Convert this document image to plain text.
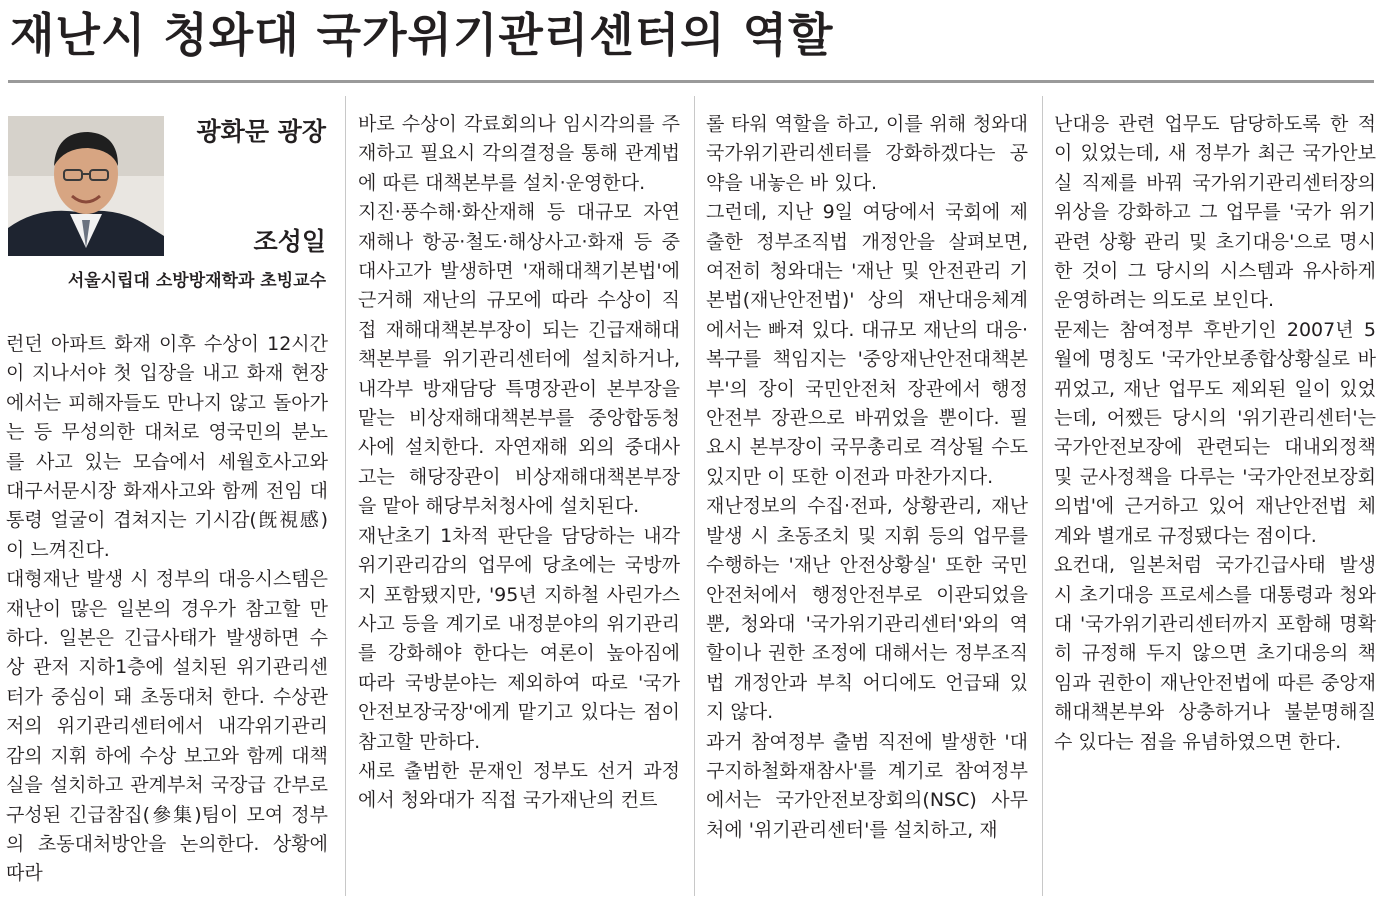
재난시 청와대 국가위기관리센터의 역할

광화문 광장

조성일

서울시립대 소방방재학과 초빙교수

런던 아파트 화재 이후 수상이 12시간이 지나서야 첫 입장을 내고 화재 현장에서는 피해자들도 만나지 않고 돌아가는 등 무성의한 대처로 영국민의 분노를 사고 있는 모습에서 세월호사고와 대구서문시장 화재사고와 함께 전임 대통령 얼굴이 겹쳐지는 기시감(旣視感)이 느껴진다.
대형재난 발생 시 정부의 대응시스템은 재난이 많은 일본의 경우가 참고할 만하다. 일본은 긴급사태가 발생하면 수상 관저 지하1층에 설치된 위기관리센터가 중심이 돼 초동대처 한다. 수상관저의 위기관리센터에서 내각위기관리감의 지휘 하에 수상 보고와 함께 대책실을 설치하고 관계부처 국장급 간부로 구성된 긴급참집(參集)팀이 모여 정부의 초동대처방안을 논의한다. 상황에 따라

바로 수상이 각료회의나 임시각의를 주재하고 필요시 각의결정을 통해 관계법에 따른 대책본부를 설치·운영한다.
지진·풍수해·화산재해 등 대규모 자연재해나 항공·철도·해상사고·화재 등 중대사고가 발생하면 '재해대책기본법'에 근거해 재난의 규모에 따라 수상이 직접 재해대책본부장이 되는 긴급재해대책본부를 위기관리센터에 설치하거나, 내각부 방재담당 특명장관이 본부장을 맡는 비상재해대책본부를 중앙합동청사에 설치한다. 자연재해 외의 중대사고는 해당장관이 비상재해대책본부장을 맡아 해당부처청사에 설치된다.
재난초기 1차적 판단을 담당하는 내각위기관리감의 업무에 당초에는 국방까지 포함됐지만, '95년 지하철 사린가스 사고 등을 계기로 내정분야의 위기관리를 강화해야 한다는 여론이 높아짐에 따라 국방분야는 제외하여 따로 '국가안전보장국장'에게 맡기고 있다는 점이 참고할 만하다.
새로 출범한 문재인 정부도 선거 과정에서 청와대가 직접 국가재난의 컨트

롤 타워 역할을 하고, 이를 위해 청와대 국가위기관리센터를 강화하겠다는 공약을 내놓은 바 있다.
그런데, 지난 9일 여당에서 국회에 제출한 정부조직법 개정안을 살펴보면, 여전히 청와대는 '재난 및 안전관리 기본법(재난안전법)' 상의 재난대응체계에서는 빠져 있다. 대규모 재난의 대응·복구를 책임지는 '중앙재난안전대책본부'의 장이 국민안전처 장관에서 행정안전부 장관으로 바뀌었을 뿐이다. 필요시 본부장이 국무총리로 격상될 수도 있지만 이 또한 이전과 마찬가지다.
재난정보의 수집·전파, 상황관리, 재난발생 시 초동조치 및 지휘 등의 업무를 수행하는 '재난 안전상황실' 또한 국민안전처에서 행정안전부로 이관되었을 뿐, 청와대 '국가위기관리센터'와의 역할이나 권한 조정에 대해서는 정부조직법 개정안과 부칙 어디에도 언급돼 있지 않다.
과거 참여정부 출범 직전에 발생한 '대구지하철화재참사'를 계기로 참여정부에서는 국가안전보장회의(NSC) 사무처에 '위기관리센터'를 설치하고, 재

난대응 관련 업무도 담당하도록 한 적이 있었는데, 새 정부가 최근 국가안보실 직제를 바꿔 국가위기관리센터장의 위상을 강화하고 그 업무를 '국가 위기 관련 상황 관리 및 초기대응'으로 명시한 것이 그 당시의 시스템과 유사하게 운영하려는 의도로 보인다.
문제는 참여정부 후반기인 2007년 5월에 명칭도 '국가안보종합상황실로 바뀌었고, 재난 업무도 제외된 일이 있었는데, 어쨌든 당시의 '위기관리센터'는 국가안전보장에 관련되는 대내외정책 및 군사정책을 다루는 '국가안전보장회의법'에 근거하고 있어 재난안전법 체계와 별개로 규정됐다는 점이다.
요컨대, 일본처럼 국가긴급사태 발생 시 초기대응 프로세스를 대통령과 청와대 '국가위기관리센터까지 포함해 명확히 규정해 두지 않으면 초기대응의 책임과 권한이 재난안전법에 따른 중앙재해대책본부와 상충하거나 불분명해질 수 있다는 점을 유념하였으면 한다.
